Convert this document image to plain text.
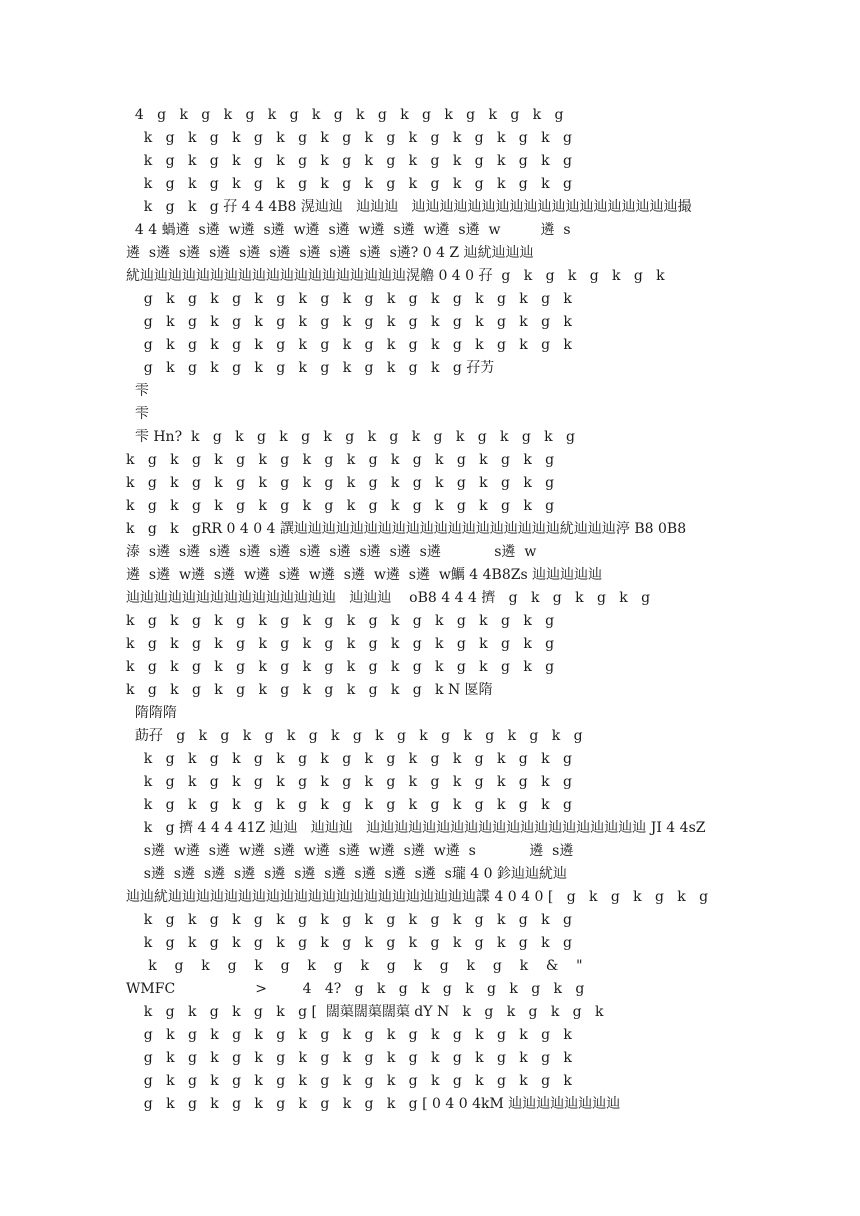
4   g   k   g   k   g   k   g   k   g   k   g   k   g   k   g   k   g   k   g
k   g   k   g   k   g   k   g   k   g   k   g   k   g   k   g   k   g   k   g
k   g   k   g   k   g   k   g   k   g   k   g   k   g   k   g   k   g   k   g
k   g   k   g   k   g   k   g   k   g   k   g   k   g   k   g   k   g   k   g
k   g   k   g 孖 4 4 4B8 滉辿辿   辿辿辿   辿辿辿辿辿辿辿辿辿辿辿辿辿辿辿辿辿辿辿撮
4 4 蝸遴  s遴  w遴  s遴  w遴  s遴  w遴  s遴  w遴  s遴  w         遴  s
遴  s遴  s遴  s遴  s遴  s遴  s遴  s遴  s遴  s遴? 0 4 Z 辿紌辿辿辿
紌辿辿辿辿辿辿辿辿辿辿辿辿辿辿辿辿辿辿辿滉艪 0 4 0 孖  g   k   g   k   g   k   g   k
g   k   g   k   g   k   g   k   g   k   g   k   g   k   g   k   g   k   g   k
g   k   g   k   g   k   g   k   g   k   g   k   g   k   g   k   g   k   g   k
g   k   g   k   g   k   g   k   g   k   g   k   g   k   g   k   g   k   g   k
g   k   g   k   g   k   g   k   g   k   g   k   g   k   g 孖艻
雫
雫
雫 Hn?  k   g   k   g   k   g   k   g   k   g   k   g   k   g   k   g   k   g
k   g   k   g   k   g   k   g   k   g   k   g   k   g   k   g   k   g   k   g
k   g   k   g   k   g   k   g   k   g   k   g   k   g   k   g   k   g   k   g
k   g   k   g   k   g   k   g   k   g   k   g   k   g   k   g   k   g   k   g
k   g   k   gRR 0 4 0 4 譔辿辿辿辿辿辿辿辿辿辿辿辿辿辿辿辿辿辿辿紌辿辿辿渟 B8 0B8
溙  s遴  s遴  s遴  s遴  s遴  s遴  s遴  s遴  s遴  s遴            s遴  w
遴  s遴  w遴  s遴  w遴  s遴  w遴  s遴  w遴  s遴  w鱱 4 4B8Zs 辿辿辿辿辿
辿辿辿辿辿辿辿辿辿辿辿辿辿辿辿   辿辿辿    oB8 4 4 4 擠   g   k   g   k   g   k   g
k   g   k   g   k   g   k   g   k   g   k   g   k   g   k   g   k   g   k   g
k   g   k   g   k   g   k   g   k   g   k   g   k   g   k   g   k   g   k   g
k   g   k   g   k   g   k   g   k   g   k   g   k   g   k   g   k   g   k   g
k   g   k   g   k   g   k   g   k   g   k   g   k   g   k N 匽隋
隋隋隋
莇孖   g   k   g   k   g   k   g   k   g   k   g   k   g   k   g   k   g   k   g
k   g   k   g   k   g   k   g   k   g   k   g   k   g   k   g   k   g   k   g
k   g   k   g   k   g   k   g   k   g   k   g   k   g   k   g   k   g   k   g
k   g   k   g   k   g   k   g   k   g   k   g   k   g   k   g   k   g   k   g
k   g 擠 4 4 4 41Z 辿辿   辿辿辿   辿辿辿辿辿辿辿辿辿辿辿辿辿辿辿辿辿辿辿辿 JI 4 4sZ
s遴  w遴  s遴  w遴  s遴  w遴  s遴  w遴  s遴  w遴  s            遴  s遴
s遴  s遴  s遴  s遴  s遴  s遴  s遴  s遴  s遴  s遴  s瓏 4 0 鉁辿辿紌辿
辿辿紌辿辿辿辿辿辿辿辿辿辿辿辿辿辿辿辿辿辿辿辿辿辿諜 4 0 4 0 [   g   k   g   k   g   k   g
k   g   k   g   k   g   k   g   k   g   k   g   k   g   k   g   k   g   k   g
k   g   k   g   k   g   k   g   k   g   k   g   k   g   k   g   k   g   k   g
k    g    k    g    k    g    k    g    k    g    k    g    k    g    k    &    "
WMFC                  >        4   4?   g   k   g   k   g   k   g   k   g   k   g
k   g   k   g   k   g   k   g [  闊蕖闊蕖闊蕖 dY N   k   g   k   g   k   g   k
g   k   g   k   g   k   g   k   g   k   g   k   g   k   g   k   g   k   g   k
g   k   g   k   g   k   g   k   g   k   g   k   g   k   g   k   g   k   g   k
g   k   g   k   g   k   g   k   g   k   g   k   g   k   g   k   g   k   g   k
g   k   g   k   g   k   g   k   g   k   g   k   g [ 0 4 0 4kM 辿辿辿辿辿辿辿辿
